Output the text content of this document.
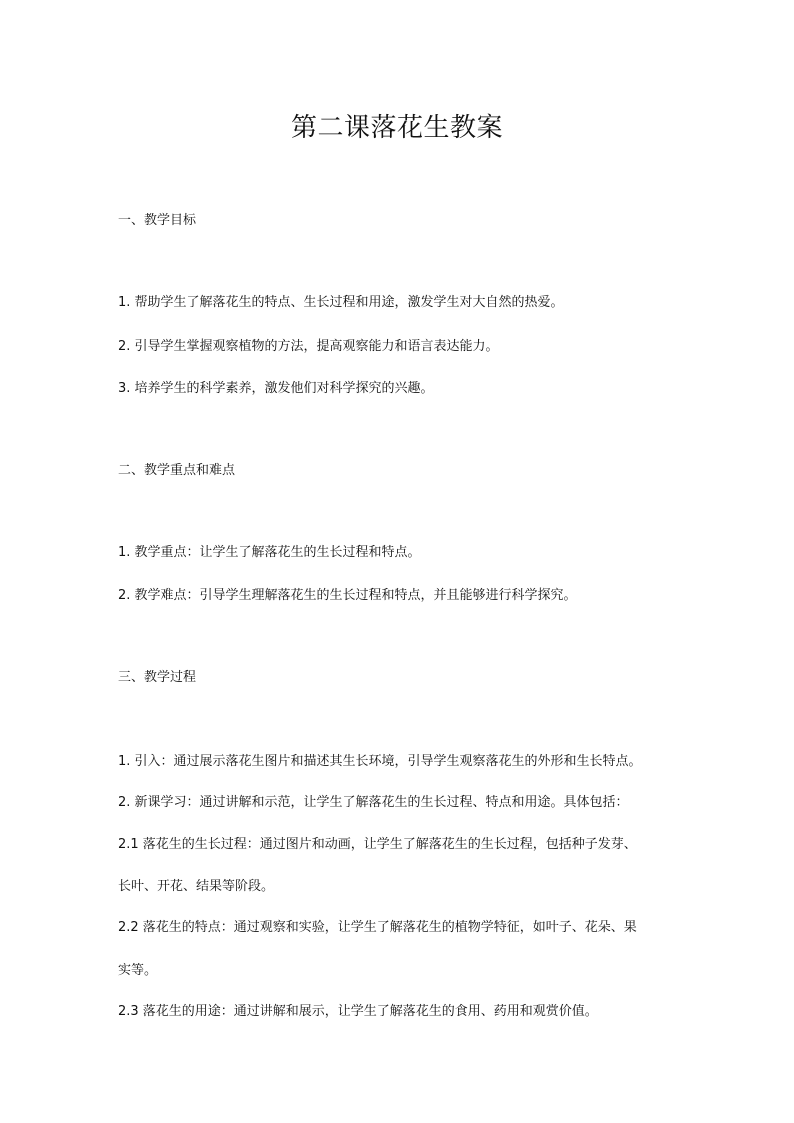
第二课落花生教案

一、教学目标

1. 帮助学生了解落花生的特点、生长过程和用途，激发学生对大自然的热爱。

2. 引导学生掌握观察植物的方法，提高观察能力和语言表达能力。

3. 培养学生的科学素养，激发他们对科学探究的兴趣。

二、教学重点和难点

1. 教学重点：让学生了解落花生的生长过程和特点。

2. 教学难点：引导学生理解落花生的生长过程和特点，并且能够进行科学探究。

三、教学过程

1. 引入：通过展示落花生图片和描述其生长环境，引导学生观察落花生的外形和生长特点。

2. 新课学习：通过讲解和示范，让学生了解落花生的生长过程、特点和用途。具体包括：

2.1 落花生的生长过程：通过图片和动画，让学生了解落花生的生长过程，包括种子发芽、

长叶、开花、结果等阶段。

2.2 落花生的特点：通过观察和实验，让学生了解落花生的植物学特征，如叶子、花朵、果

实等。

2.3 落花生的用途：通过讲解和展示，让学生了解落花生的食用、药用和观赏价值。
